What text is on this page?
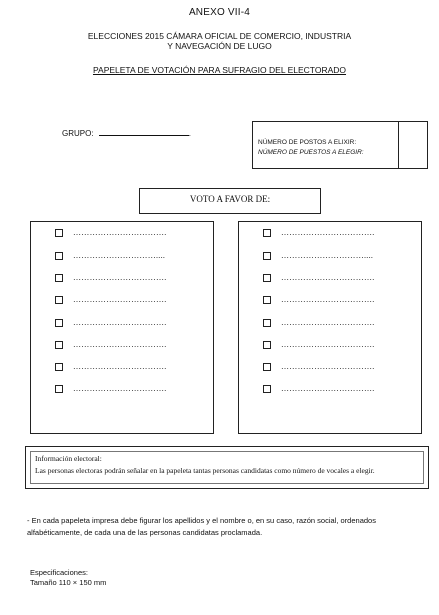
ANEXO VII-4
ELECCIONES 2015 CÁMARA OFICIAL DE COMERCIO, INDUSTRIA
Y NAVEGACIÓN DE LUGO
PAPELETA DE VOTACIÓN PARA SUFRAGIO DEL ELECTORADO
GRUPO:	.
NÚMERO DE POSTOS A ELIXIR:
NÚMERO DE PUESTOS A ELEGIR:
VOTO A FAVOR DE:
…………………………….
…………………………....
…………………………….
…………………………….
…………………………….
…………………………….
…………………………….
…………………………….
…………………………….
…………………………....
…………………………….
…………………………….
…………………………….
…………………………….
…………………………….
…………………………….
Información electoral:
Las personas electoras podrán señalar en la papeleta tantas personas candidatas como número de vocales a elegir.
- En cada papeleta impresa debe figurar los apellidos y el nombre o, en su caso, razón social, ordenados alfabéticamente, de cada una de las personas candidatas proclamada.
Especificaciones:
Tamaño 110 × 150 mm
